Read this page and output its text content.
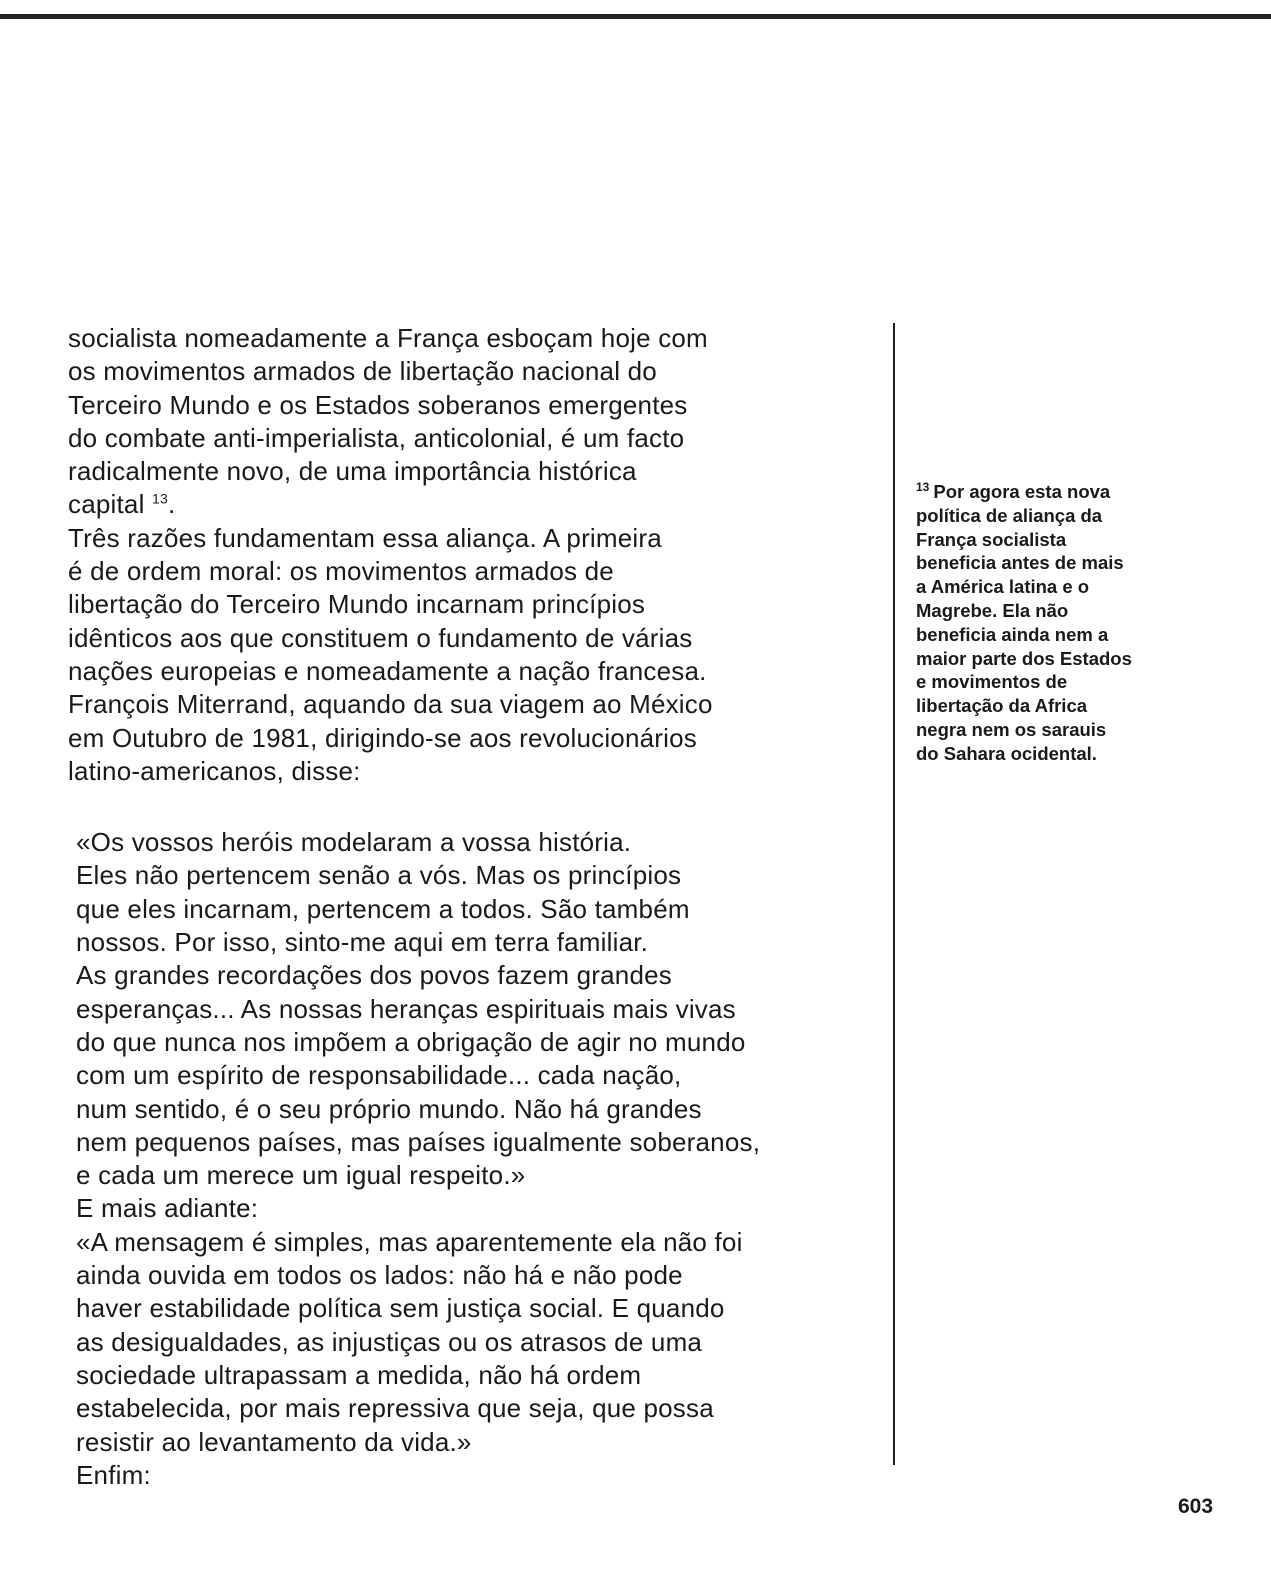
socialista nomeadamente a França esboçam hoje com
os movimentos armados de libertação nacional do
Terceiro Mundo e os Estados soberanos emergentes
do combate anti-imperialista, anticolonial, é um facto
radicalmente novo, de uma importância histórica
capital $^{13}$.
Três razões fundamentam essa aliança. A primeira
é de ordem moral: os movimentos armados de
libertação do Terceiro Mundo incarnam princípios
idênticos aos que constituem o fundamento de várias
nações europeias e nomeadamente a nação francesa.
François Miterrand, aquando da sua viagem ao México
em Outubro de 1981, dirigindo-se aos revolucionários
latino-americanos, disse:
«Os vossos heróis modelaram a vossa história.
Eles não pertencem senão a vós. Mas os princípios
que eles incarnam, pertencem a todos. São também
nossos. Por isso, sinto-me aqui em terra familiar.
As grandes recordações dos povos fazem grandes
esperanças... As nossas heranças espirituais mais vivas
do que nunca nos impõem a obrigação de agir no mundo
com um espírito de responsabilidade... cada nação,
num sentido, é o seu próprio mundo. Não há grandes
nem pequenos países, mas países igualmente soberanos,
e cada um merece um igual respeito.»
E mais adiante:
«A mensagem é simples, mas aparentemente ela não foi
ainda ouvida em todos os lados: não há e não pode
haver estabilidade política sem justiça social. E quando
as desigualdades, as injustiças ou os atrasos de uma
sociedade ultrapassam a medida, não há ordem
estabelecida, por mais repressiva que seja, que possa
resistir ao levantamento da vida.»
Enfim:
$^{13}$ Por agora esta nova
política de aliança da
França socialista
beneficia antes de mais
a América latina e o
Magrebe. Ela não
beneficia ainda nem a
maior parte dos Estados
e movimentos de
libertação da Africa
negra nem os sarauis
do Sahara ocidental.
603
